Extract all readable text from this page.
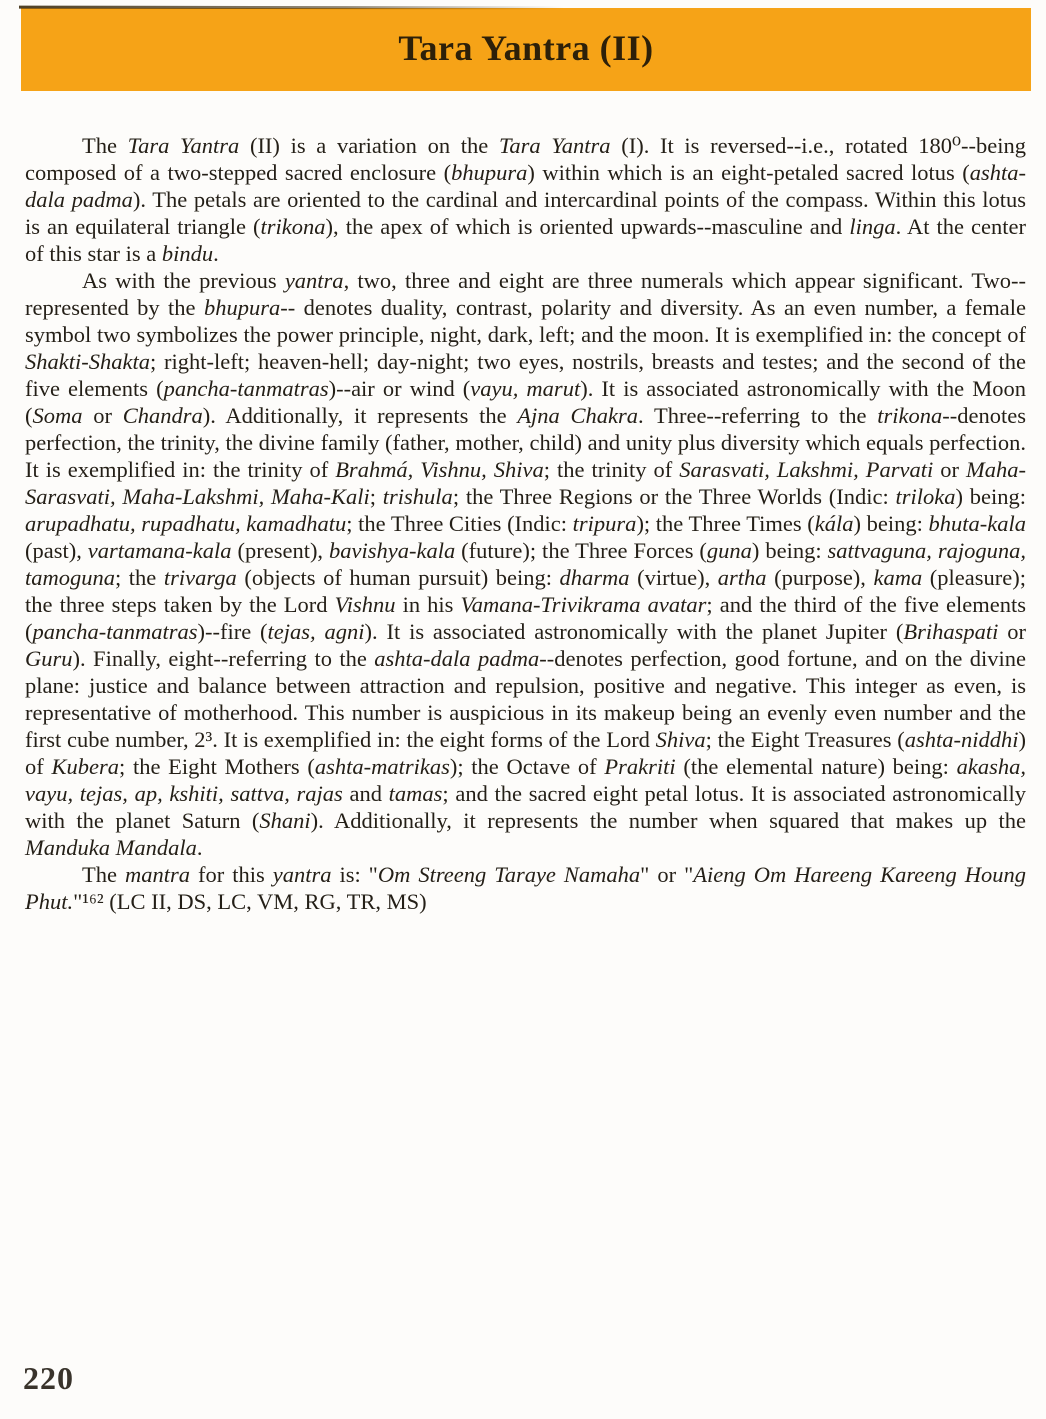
Tara Yantra (II)

The Tara Yantra (II) is a variation on the Tara Yantra (I). It is reversed--i.e., rotated 180⁰--being composed of a two-stepped sacred enclosure (bhupura) within which is an eight-petaled sacred lotus (ashta-dala padma). The petals are oriented to the cardinal and intercardinal points of the compass. Within this lotus is an equilateral triangle (trikona), the apex of which is oriented upwards--masculine and linga. At the center of this star is a bindu.

As with the previous yantra, two, three and eight are three numerals which appear significant. Two--represented by the bhupura-- denotes duality, contrast, polarity and diversity. As an even number, a female symbol two symbolizes the power principle, night, dark, left; and the moon. It is exemplified in: the concept of Shakti-Shakta; right-left; heaven-hell; day-night; two eyes, nostrils, breasts and testes; and the second of the five elements (pancha-tanmatras)--air or wind (vayu, marut). It is associated astronomically with the Moon (Soma or Chandra). Additionally, it represents the Ajna Chakra. Three--referring to the trikona--denotes perfection, the trinity, the divine family (father, mother, child) and unity plus diversity which equals perfection. It is exemplified in: the trinity of Brahmá, Vishnu, Shiva; the trinity of Sarasvati, Lakshmi, Parvati or Maha-Sarasvati, Maha-Lakshmi, Maha-Kali; trishula; the Three Regions or the Three Worlds (Indic: triloka) being: arupadhatu, rupadhatu, kamadhatu; the Three Cities (Indic: tripura); the Three Times (kála) being: bhuta-kala (past), vartamana-kala (present), bavishya-kala (future); the Three Forces (guna) being: sattvaguna, rajoguna, tamoguna; the trivarga (objects of human pursuit) being: dharma (virtue), artha (purpose), kama (pleasure); the three steps taken by the Lord Vishnu in his Vamana-Trivikrama avatar; and the third of the five elements (pancha-tanmatras)--fire (tejas, agni). It is associated astronomically with the planet Jupiter (Brihaspati or Guru). Finally, eight--referring to the ashta-dala padma--denotes perfection, good fortune, and on the divine plane: justice and balance between attraction and repulsion, positive and negative. This integer as even, is representative of motherhood. This number is auspicious in its makeup being an evenly even number and the first cube number, 2³. It is exemplified in: the eight forms of the Lord Shiva; the Eight Treasures (ashta-niddhi) of Kubera; the Eight Mothers (ashta-matrikas); the Octave of Prakriti (the elemental nature) being: akasha, vayu, tejas, ap, kshiti, sattva, rajas and tamas; and the sacred eight petal lotus. It is associated astronomically with the planet Saturn (Shani). Additionally, it represents the number when squared that makes up the Manduka Mandala.

The mantra for this yantra is: "Om Streeng Taraye Namaha" or "Aieng Om Hareeng Kareeng Houng Phut."¹⁶² (LC II, DS, LC, VM, RG, TR, MS)

220
